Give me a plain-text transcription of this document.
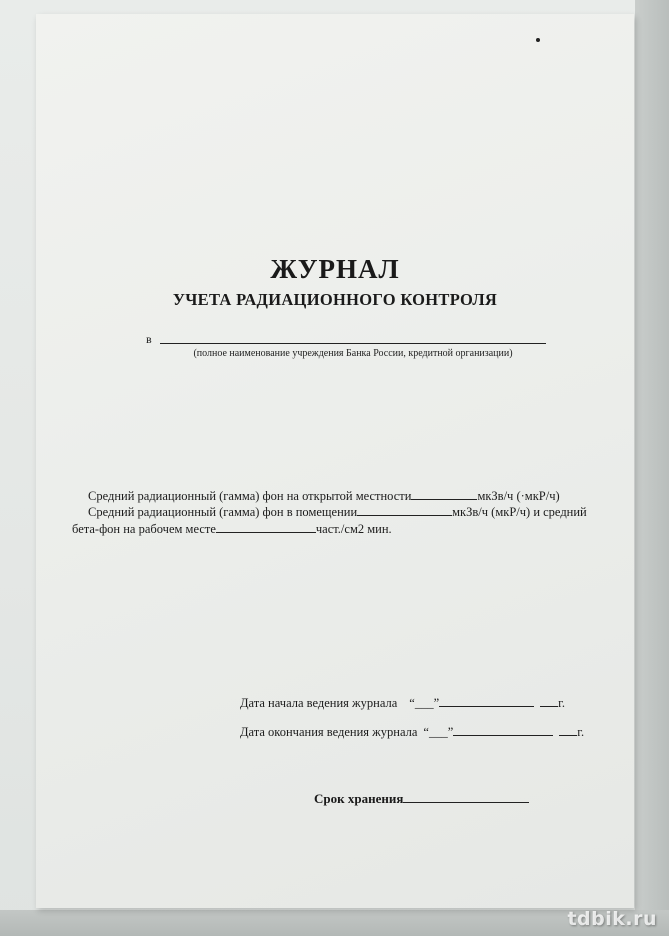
ЖУРНАЛ
УЧЕТА РАДИАЦИОННОГО КОНТРОЛЯ
в
(полное наименование учреждения Банка России, кредитной организации)

Средний радиационный (гамма) фон на открытой местности	мкЗв/ч (·мкР/ч)

Средний радиационный (гамма) фон в помещении	мкЗв/ч (мкР/ч) и средний

бета-фон на рабочем месте	част./см2 мин.

Дата начала ведения журнала “___”	г.

Дата окончания ведения журнала “___”	г.

Срок хранения
tdbik.ru
